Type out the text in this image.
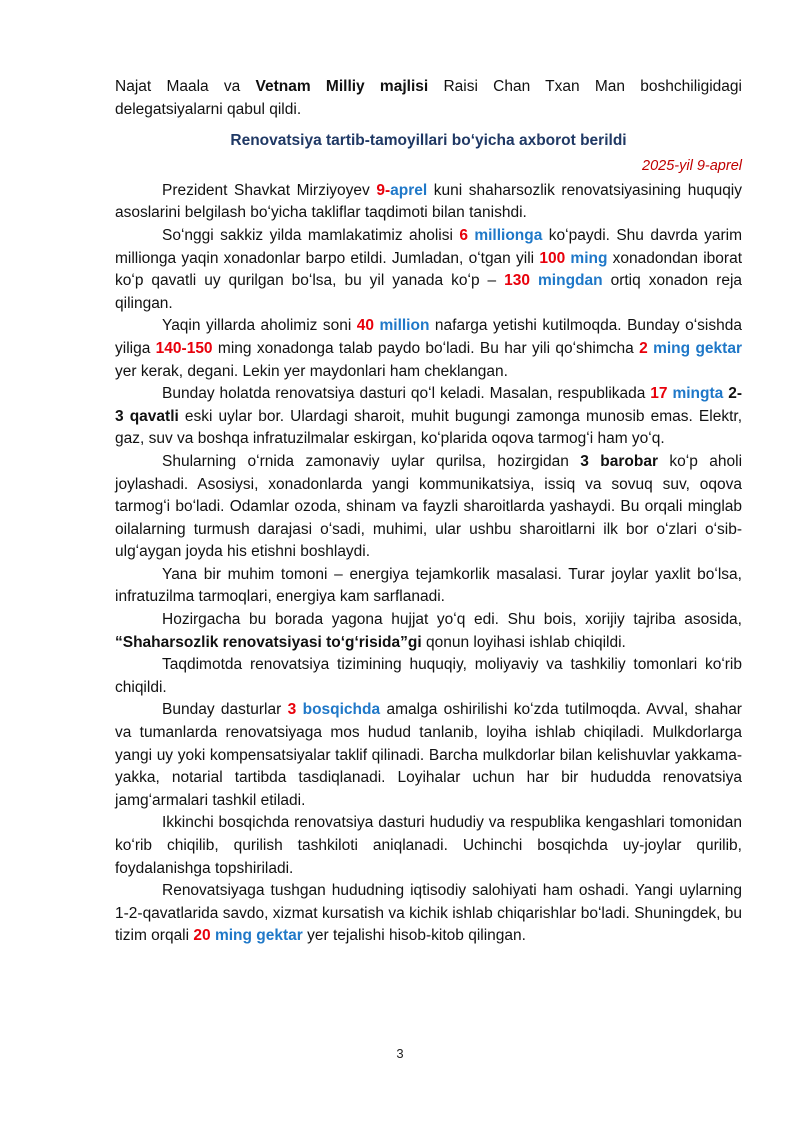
Najat Maala va Vetnam Milliy majlisi Raisi Chan Txan Man boshchiligidagi delegatsiyalarni qabul qildi.

Renovatsiya tartib-tamoyillari boʻyicha axborot berildi

2025-yil 9-aprel

Prezident Shavkat Mirziyoyev 9-aprel kuni shaharsozlik renovatsiyasining huquqiy asoslarini belgilash boʻyicha takliflar taqdimoti bilan tanishdi.

Soʻnggi sakkiz yilda mamlakatimiz aholisi 6 millionga koʻpaydi. Shu davrda yarim millionga yaqin xonadonlar barpo etildi. Jumladan, oʻtgan yili 100 ming xonadondan iborat koʻp qavatli uy qurilgan boʻlsa, bu yil yanada koʻp – 130 mingdan ortiq xonadon reja qilingan.

Yaqin yillarda aholimiz soni 40 million nafarga yetishi kutilmoqda. Bunday oʻsishda yiliga 140-150 ming xonadonga talab paydo boʻladi. Bu har yili qoʻshimcha 2 ming gektar yer kerak, degani. Lekin yer maydonlari ham cheklangan.

Bunday holatda renovatsiya dasturi qoʻl keladi. Masalan, respublikada 17 mingta 2-3 qavatli eski uylar bor. Ulardagi sharoit, muhit bugungi zamonga munosib emas. Elektr, gaz, suv va boshqa infratuzilmalar eskirgan, koʻplarida oqova tarmogʻi ham yoʻq.

Shularning oʻrnida zamonaviy uylar qurilsa, hozirgidan 3 barobar koʻp aholi joylashadi. Asosiysi, xonadonlarda yangi kommunikatsiya, issiq va sovuq suv, oqova tarmogʻi boʻladi. Odamlar ozoda, shinam va fayzli sharoitlarda yashaydi. Bu orqali minglab oilalarning turmush darajasi oʻsadi, muhimi, ular ushbu sharoitlarni ilk bor oʻzlari oʻsib-ulgʻaygan joyda his etishni boshlaydi.

Yana bir muhim tomoni – energiya tejamkorlik masalasi. Turar joylar yaxlit boʻlsa, infratuzilma tarmoqlari, energiya kam sarflanadi.

Hozirgacha bu borada yagona hujjat yoʻq edi. Shu bois, xorijiy tajriba asosida, “Shaharsozlik renovatsiyasi toʻgʻrisida”gi qonun loyihasi ishlab chiqildi.

Taqdimotda renovatsiya tizimining huquqiy, moliyaviy va tashkiliy tomonlari koʻrib chiqildi.

Bunday dasturlar 3 bosqichda amalga oshirilishi koʻzda tutilmoqda. Avval, shahar va tumanlarda renovatsiyaga mos hudud tanlanib, loyiha ishlab chiqiladi. Mulkdorlarga yangi uy yoki kompensatsiyalar taklif qilinadi. Barcha mulkdorlar bilan kelishuvlar yakkama-yakka, notarial tartibda tasdiqlanadi. Loyihalar uchun har bir hududda renovatsiya jamgʻarmalari tashkil etiladi.

Ikkinchi bosqichda renovatsiya dasturi hududiy va respublika kengashlari tomonidan koʻrib chiqilib, qurilish tashkiloti aniqlanadi. Uchinchi bosqichda uy-joylar qurilib, foydalanishga topshiriladi.

Renovatsiyaga tushgan hududning iqtisodiy salohiyati ham oshadi. Yangi uylarning 1-2-qavatlarida savdo, xizmat kursatish va kichik ishlab chiqarishlar boʻladi. Shuningdek, bu tizim orqali 20 ming gektar yer tejalishi hisob-kitob qilingan.

3
